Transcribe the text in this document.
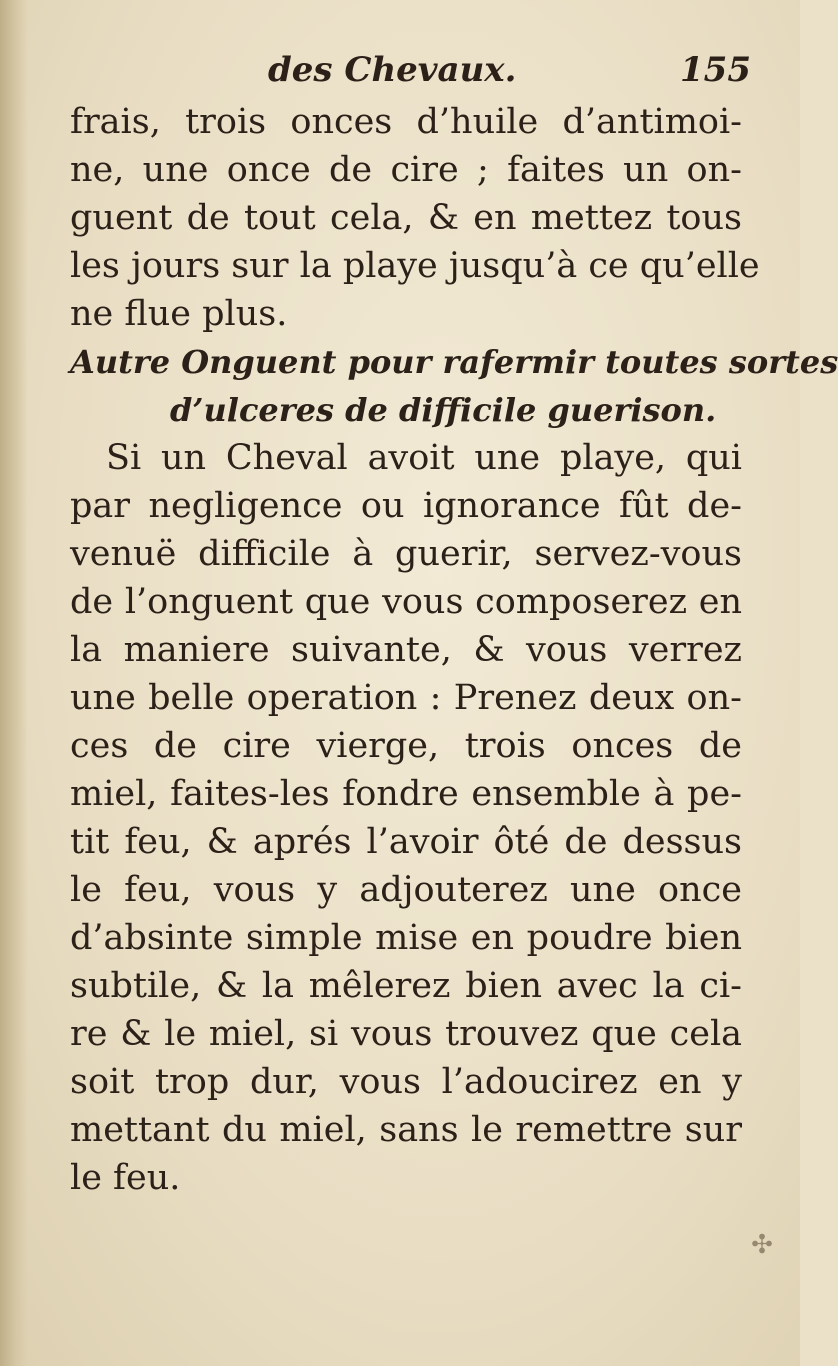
des Chevaux.	155
frais, trois onces d’huile d’antimoi-
ne, une once de cire ; faites un on-
guent de tout cela, & en mettez tous
les jours sur la playe jusqu’à ce qu’elle
ne flue plus.
Autre Onguent pour rafermir toutes sortes
d’ulceres de difficile guerison.
Si un Cheval avoit une playe, qui
par negligence ou ignorance fût de-
venuë difficile à guerir, servez-vous
de l’onguent que vous composerez en
la maniere suivante, & vous verrez
une belle operation : Prenez deux on-
ces de cire vierge, trois onces de
miel, faites-les fondre ensemble à pe-
tit feu, & aprés l’avoir ôté de dessus
le feu, vous y adjouterez une once
d’absinte simple mise en poudre bien
subtile, & la mêlerez bien avec la ci-
re & le miel, si vous trouvez que cela
soit trop dur, vous l’adoucirez en y
mettant du miel, sans le remettre sur
le feu.
✣
